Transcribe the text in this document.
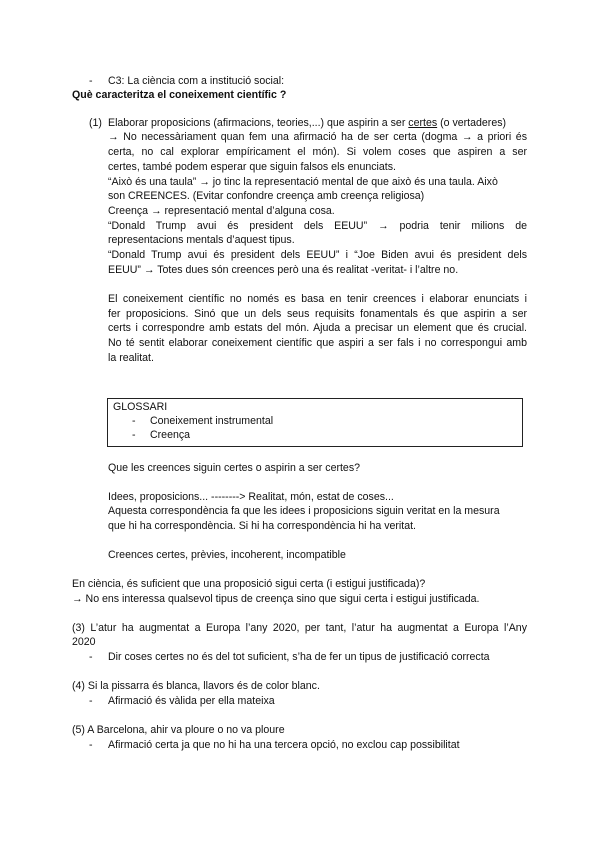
- C3: La ciència com a institució social:
Què caracteritza el coneixement científic ?
(1) Elaborar proposicions (afirmacions, teories,...) que aspirin a ser certes (o vertaderes)
→ No necessàriament quan fem una afirmació ha de ser certa (dogma → a priori és
certa, no cal explorar empíricament el món). Si volem coses que aspiren a ser
certes, també podem esperar que siguin falsos els enunciats.
“Això és una taula” → jo tinc la representació mental de que això és una taula. Això
son CREENCES. (Evitar confondre creença amb creença religiosa)
Creença → representació mental d’alguna cosa.
“Donald Trump avui és president dels EEUU” → podria tenir milions de
representacions mentals d’aquest tipus.
“Donald Trump avui és president dels EEUU” i “Joe Biden avui és president dels
EEUU” → Totes dues són creences però una és realitat -veritat- i l’altre no.
El coneixement científic no només es basa en tenir creences i elaborar enunciats i
fer proposicions. Sinó que un dels seus requisits fonamentals és que aspirin a ser
certs i correspondre amb estats del món. Ajuda a precisar un element que és crucial.
No té sentit elaborar coneixement científic que aspiri a ser fals i no correspongui amb
la realitat.
GLOSSARI
- Coneixement instrumental
- Creença
Que les creences siguin certes o aspirin a ser certes?
Idees, proposicions... --------> Realitat, món, estat de coses...
Aquesta correspondència fa que les idees i proposicions siguin veritat en la mesura
que hi ha correspondència. Si hi ha correspondència hi ha veritat.
Creences certes, prèvies, incoherent, incompatible
En ciència, és suficient que una proposició sigui certa (i estigui justificada)?
→ No ens interessa qualsevol tipus de creença sino que sigui certa i estigui justificada.
(3) L’atur ha augmentat a Europa l’any 2020, per tant, l’atur ha augmentat a Europa l’Any
2020
- Dir coses certes no és del tot suficient, s’ha de fer un tipus de justificació correcta
(4) Si la pissarra és blanca, llavors és de color blanc.
- Afirmació és vàlida per ella mateixa
(5) A Barcelona, ahir va ploure o no va ploure
- Afirmació certa ja que no hi ha una tercera opció, no exclou cap possibilitat
